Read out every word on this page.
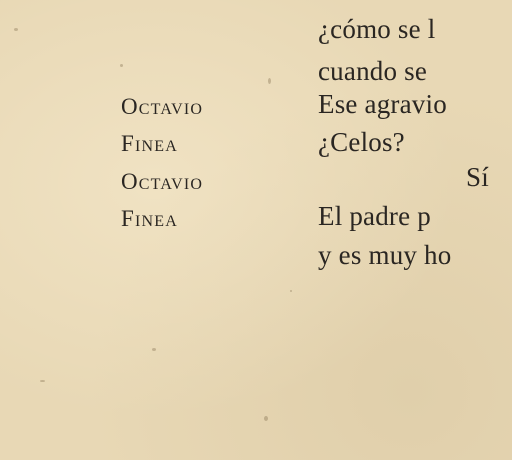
¿cómo se l
cuando se
Ese agravio
¿Celos?
Sí
El padre p
y es muy ho
Octavio
Finea
Octavio
Finea
